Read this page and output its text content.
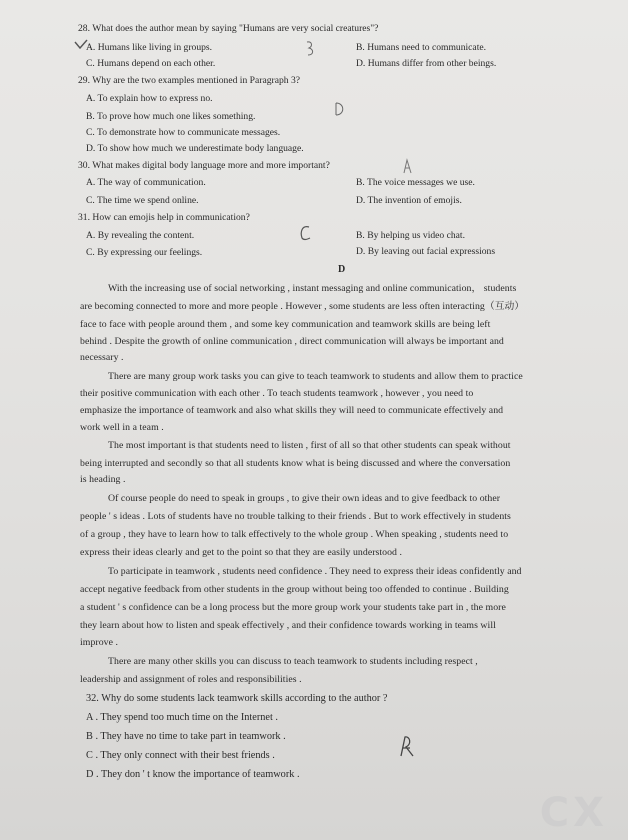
28. What does the author mean by saying "Humans are very social creatures"?
A. Humans like living in groups.	B. Humans need to communicate.
C. Humans depend on each other.	D. Humans differ from other beings.
29. Why are the two examples mentioned in Paragraph 3?
A. To explain how to express no.
B. To prove how much one likes something.
C. To demonstrate how to communicate messages.
D. To show how much we underestimate body language.
30. What makes digital body language more and more important?
A. The way of communication.	B. The voice messages we use.
C. The time we spend online.	D. The invention of emojis.
31. How can emojis help in communication?
A. By revealing the content.	B. By helping us video chat.
C. By expressing our feelings.	D. By leaving out facial expressions
D
With the increasing use of social networking , instant messaging and online communication， students
are becoming connected to more and more people . However , some students are less often interacting（互动）
face to face with people around them , and some key communication and teamwork skills are being left
behind . Despite the growth of online communication , direct communication will always be important and
necessary .
There are many group work tasks you can give to teach teamwork to students and allow them to practice
their positive communication with each other . To teach students teamwork , however , you need to
emphasize the importance of teamwork and also what skills they will need to communicate effectively and
work well in a team .
The most important is that students need to listen , first of all so that other students can speak without
being interrupted and secondly so that all students know what is being discussed and where the conversation
is heading .
Of course people do need to speak in groups , to give their own ideas and to give feedback to other
people ' s ideas . Lots of students have no trouble talking to their friends . But to work effectively in students
of a group , they have to learn how to talk effectively to the whole group . When speaking , students need to
express their ideas clearly and get to the point so that they are easily understood .
To participate in teamwork , students need confidence . They need to express their ideas confidently and
accept negative feedback from other students in the group without being too offended to continue . Building
a student ' s confidence can be a long process but the more group work your students take part in , the more
they learn about how to listen and speak effectively , and their confidence towards working in teams will
improve .
There are many other skills you can discuss to teach teamwork to students including respect ,
leadership and assignment of roles and responsibilities .
32. Why do some students lack teamwork skills according to the author ?
A . They spend too much time on the Internet .
B . They have no time to take part in teamwork .
C . They only connect with their best friends .
D . They don ' t know the importance of teamwork .
CX
